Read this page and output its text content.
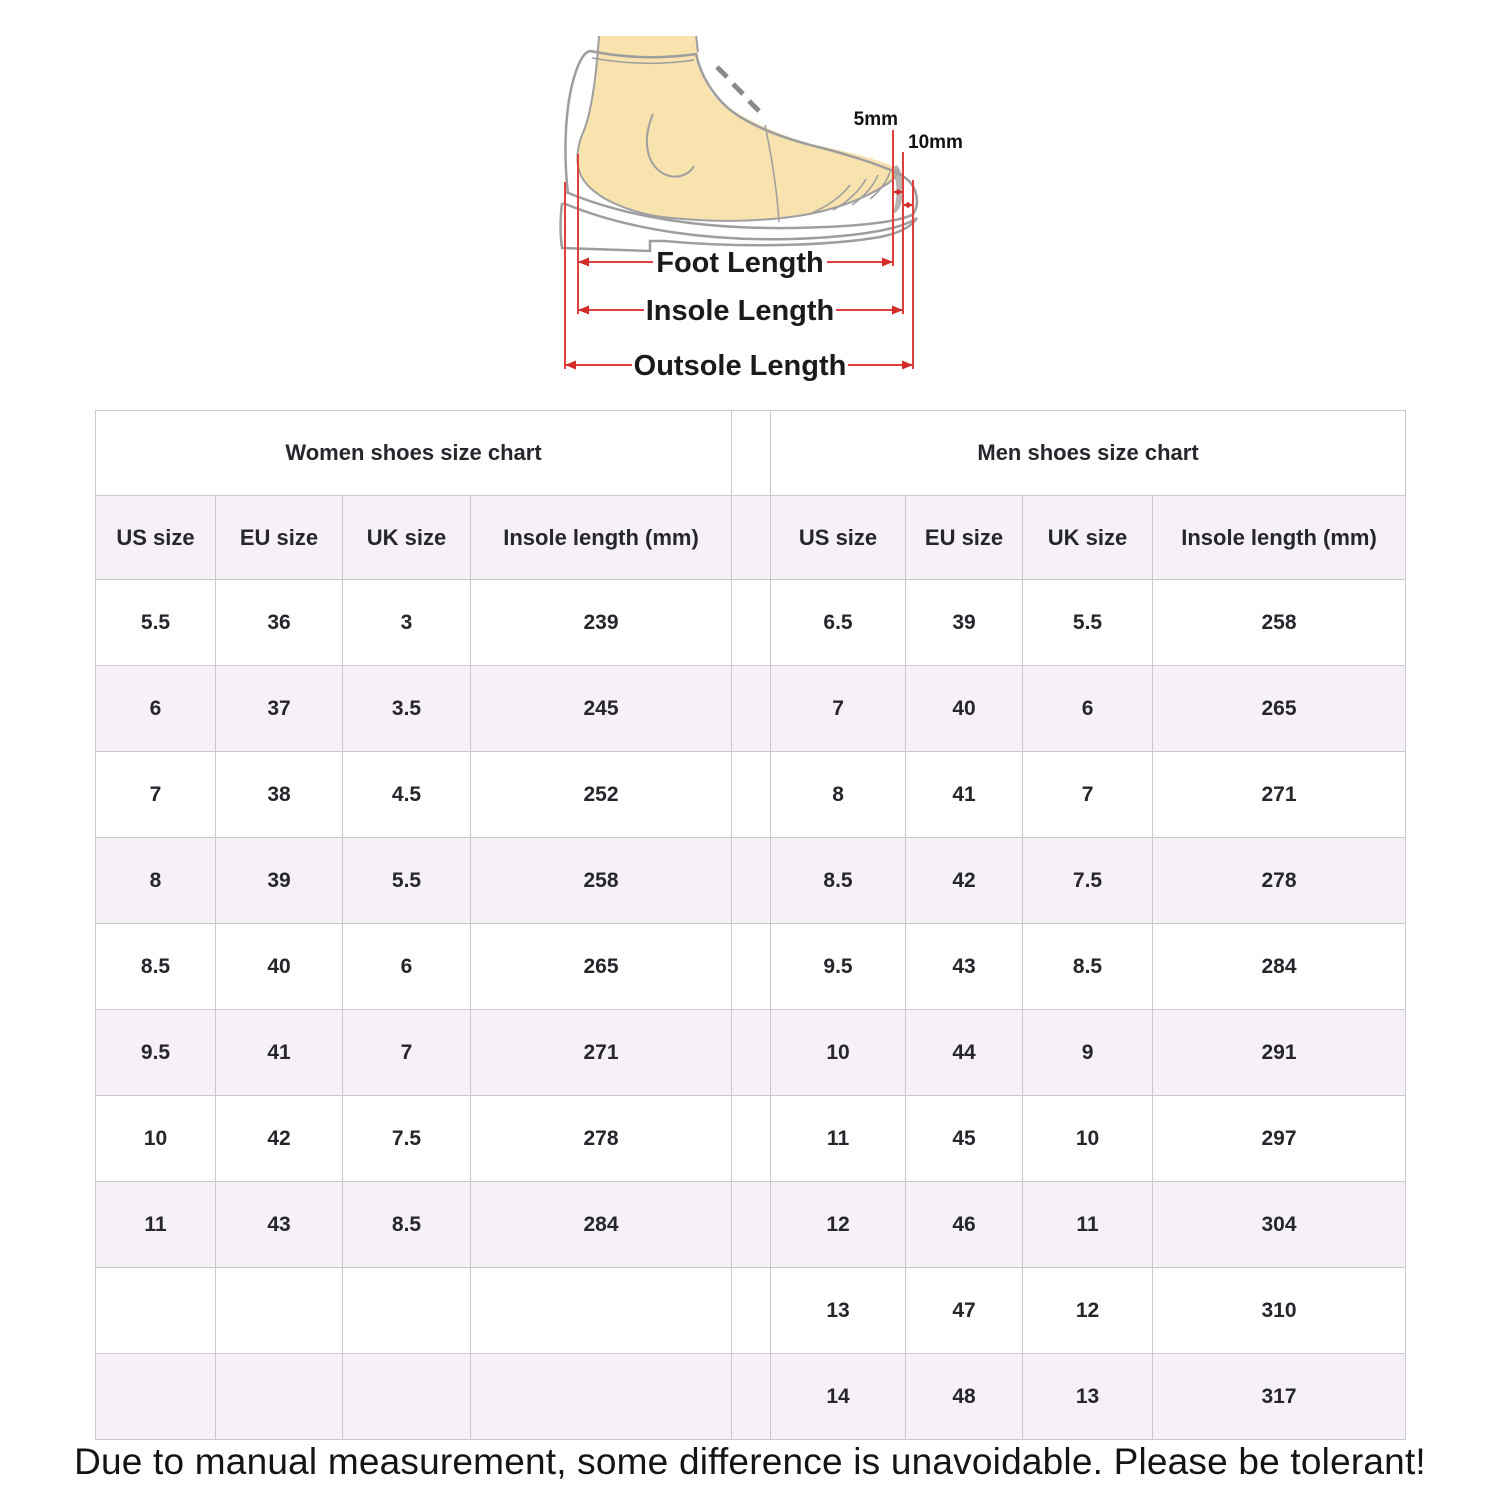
5mm
10mm
Foot Length
Insole Length
Outsole Length
Women shoes size chart					Men shoes size chart			
US size	EU size	UK size	Insole length (mm)		US size	EU size	UK size	Insole length (mm)
5.5	36	3	239		6.5	39	5.5	258
6	37	3.5	245		7	40	6	265
7	38	4.5	252		8	41	7	271
8	39	5.5	258		8.5	42	7.5	278
8.5	40	6	265		9.5	43	8.5	284
9.5	41	7	271		10	44	9	291
10	42	7.5	278		11	45	10	297
11	43	8.5	284		12	46	11	304
					13	47	12	310
					14	48	13	317
Due to manual measurement, some difference is unavoidable. Please be tolerant!
